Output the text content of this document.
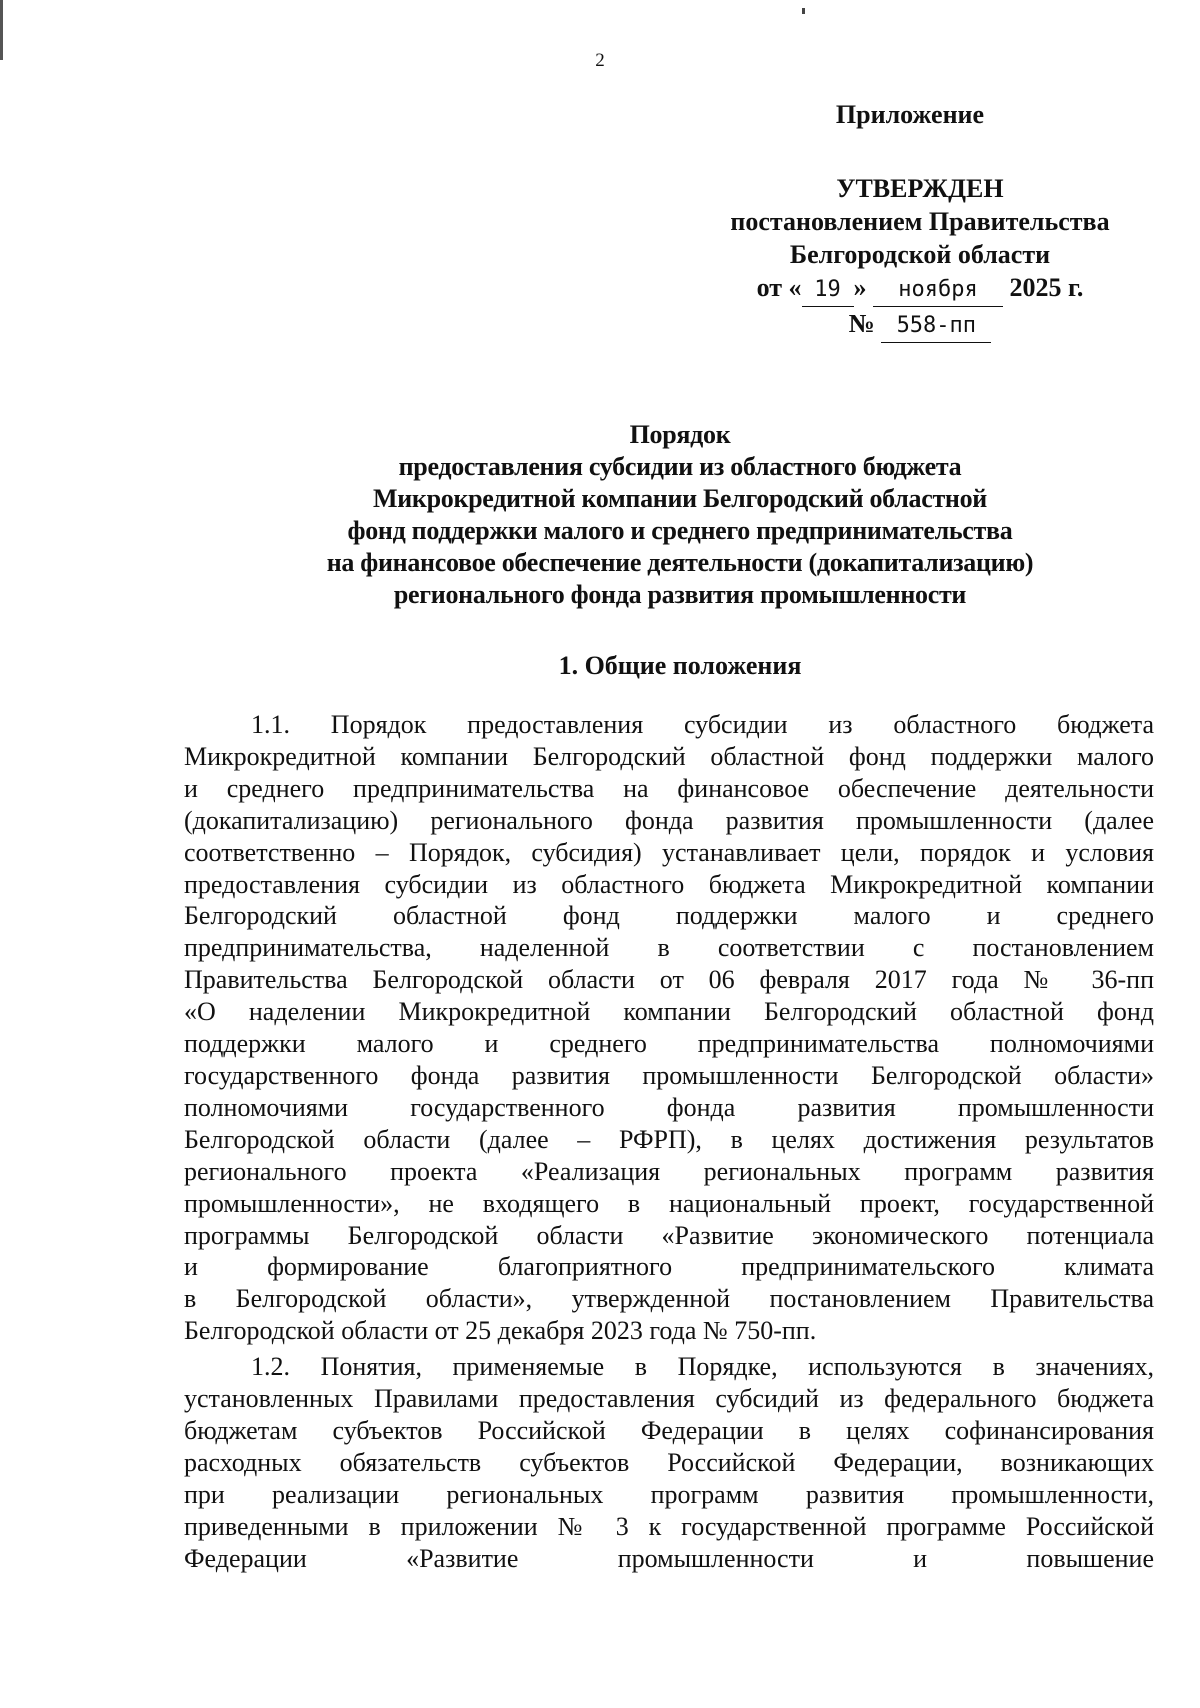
2
Приложение
УТВЕРЖДЕН
постановлением Правительства
Белгородской области
от « 19 » ноября 2025 г.
№ 558-пп
Порядок
предоставления субсидии из областного бюджета
Микрокредитной компании Белгородский областной
фонд поддержки малого и среднего предпринимательства
на финансовое обеспечение деятельности (докапитализацию)
регионального фонда развития промышленности
1. Общие положения

1.1. Порядок предоставления субсидии из областного бюджета
Микрокредитной компании Белгородский областной фонд поддержки малого
и среднего предпринимательства на финансовое обеспечение деятельности
(докапитализацию) регионального фонда развития промышленности (далее
соответственно – Порядок, субсидия) устанавливает цели, порядок и условия
предоставления субсидии из областного бюджета Микрокредитной компании
Белгородский областной фонд поддержки малого и среднего
предпринимательства, наделенной в соответствии с постановлением
Правительства Белгородской области от 06 февраля 2017 года № 36-пп
«О наделении Микрокредитной компании Белгородский областной фонд
поддержки малого и среднего предпринимательства полномочиями
государственного фонда развития промышленности Белгородской области»
полномочиями государственного фонда развития промышленности
Белгородской области (далее – РФРП), в целях достижения результатов
регионального проекта «Реализация региональных программ развития
промышленности», не входящего в национальный проект, государственной
программы Белгородской области «Развитие экономического потенциала
и формирование благоприятного предпринимательского климата
в Белгородской области», утвержденной постановлением Правительства
Белгородской области от 25 декабря 2023 года № 750-пп.

1.2. Понятия, применяемые в Порядке, используются в значениях,
установленных Правилами предоставления субсидий из федерального бюджета
бюджетам субъектов Российской Федерации в целях софинансирования
расходных обязательств субъектов Российской Федерации, возникающих
при реализации региональных программ развития промышленности,
приведенными в приложении № 3 к государственной программе Российской
Федерации «Развитие промышленности и повышение
